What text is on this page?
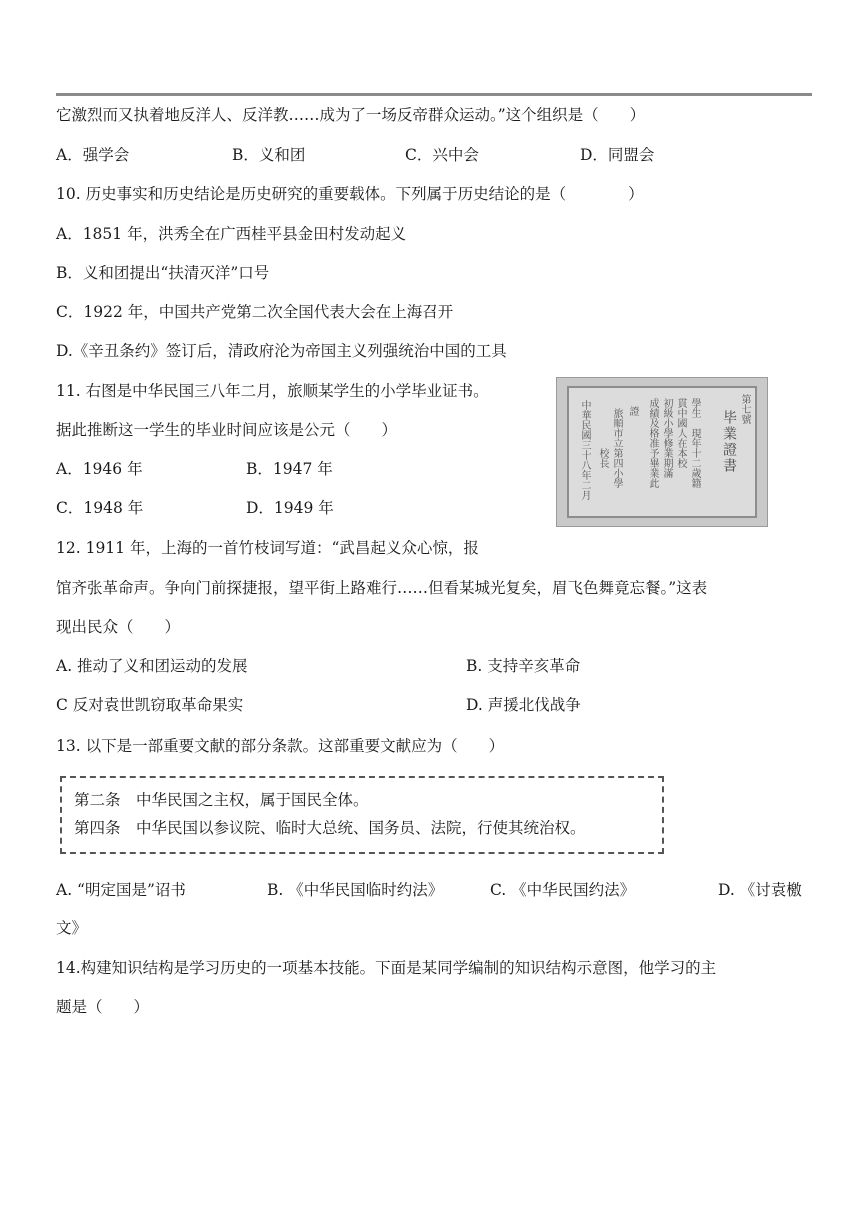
它激烈而又执着地反洋人、反洋教……成为了一场反帝群众运动。”这个组织是（　　）
A．强学会	B．义和团	C．兴中会	D．同盟会
10. 历史事实和历史结论是历史研究的重要载体。下列属于历史结论的是（　　　　）
A．1851 年，洪秀全在广西桂平县金田村发动起义
B．义和团提出“扶清灭洋”口号
C．1922 年，中国共产党第二次全国代表大会在上海召开
D.《辛丑条约》签订后，清政府沦为帝国主义列强统治中国的工具
11. 右图是中华民国三八年二月，旅顺某学生的小学毕业证书。
据此推断这一学生的毕业时间应该是公元（　　）
A．1946 年	B．1947 年
C．1948 年	D．1949 年
第七號
毕業證書
學生　現年十二歲籍
貫中國人在本校
初級小學修業期滿
成績及格准予畢業此
證
旅順市立第四小學
校長
中華民國三十八年二月
12. 1911 年，上海的一首竹枝词写道：“武昌起义众心惊，报
馆齐张革命声。争向门前探捷报，望平街上路难行……但看某城光复矣，眉飞色舞竟忘餐。”这表
现出民众（　　）
A. 推动了义和团运动的发展	B. 支持辛亥革命
C 反对袁世凯窃取革命果实	D. 声援北伐战争
13. 以下是一部重要文献的部分条款。这部重要文献应为（　　）
第二条　中华民国之主权，属于国民全体。
第四条　中华民国以参议院、临时大总统、国务员、法院，行使其统治权。
A. “明定国是”诏书	B. 《中华民国临时约法》	C. 《中华民国约法》	D. 《讨袁檄
文》
14.构建知识结构是学习历史的一项基本技能。下面是某同学编制的知识结构示意图，他学习的主
题是（　　）
